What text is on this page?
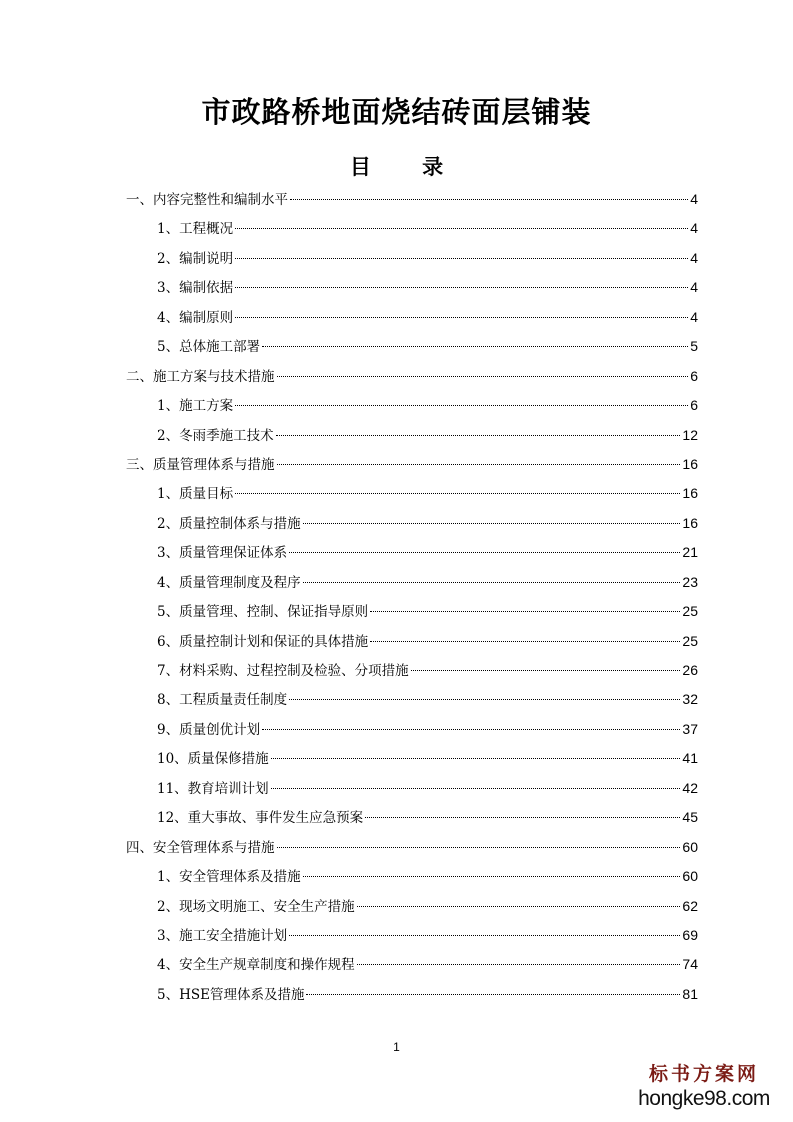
市政路桥地面烧结砖面层铺装
目 录
一、内容完整性和编制水平	4
1、工程概况	4
2、编制说明	4
3、编制依据	4
4、编制原则	4
5、总体施工部署	5
二、施工方案与技术措施	6
1、施工方案	6
2、冬雨季施工技术	12
三、质量管理体系与措施	16
1、质量目标	16
2、质量控制体系与措施	16
3、质量管理保证体系	21
4、质量管理制度及程序	23
5、质量管理、控制、保证指导原则	25
6、质量控制计划和保证的具体措施	25
7、材料采购、过程控制及检验、分项措施	26
8、工程质量责任制度	32
9、质量创优计划	37
10、质量保修措施	41
11、教育培训计划	42
12、重大事故、事件发生应急预案	45
四、安全管理体系与措施	60
1、安全管理体系及措施	60
2、现场文明施工、安全生产措施	62
3、施工安全措施计划	69
4、安全生产规章制度和操作规程	74
5、HSE管理体系及措施	81
1
标书方案网
hongke98.com
